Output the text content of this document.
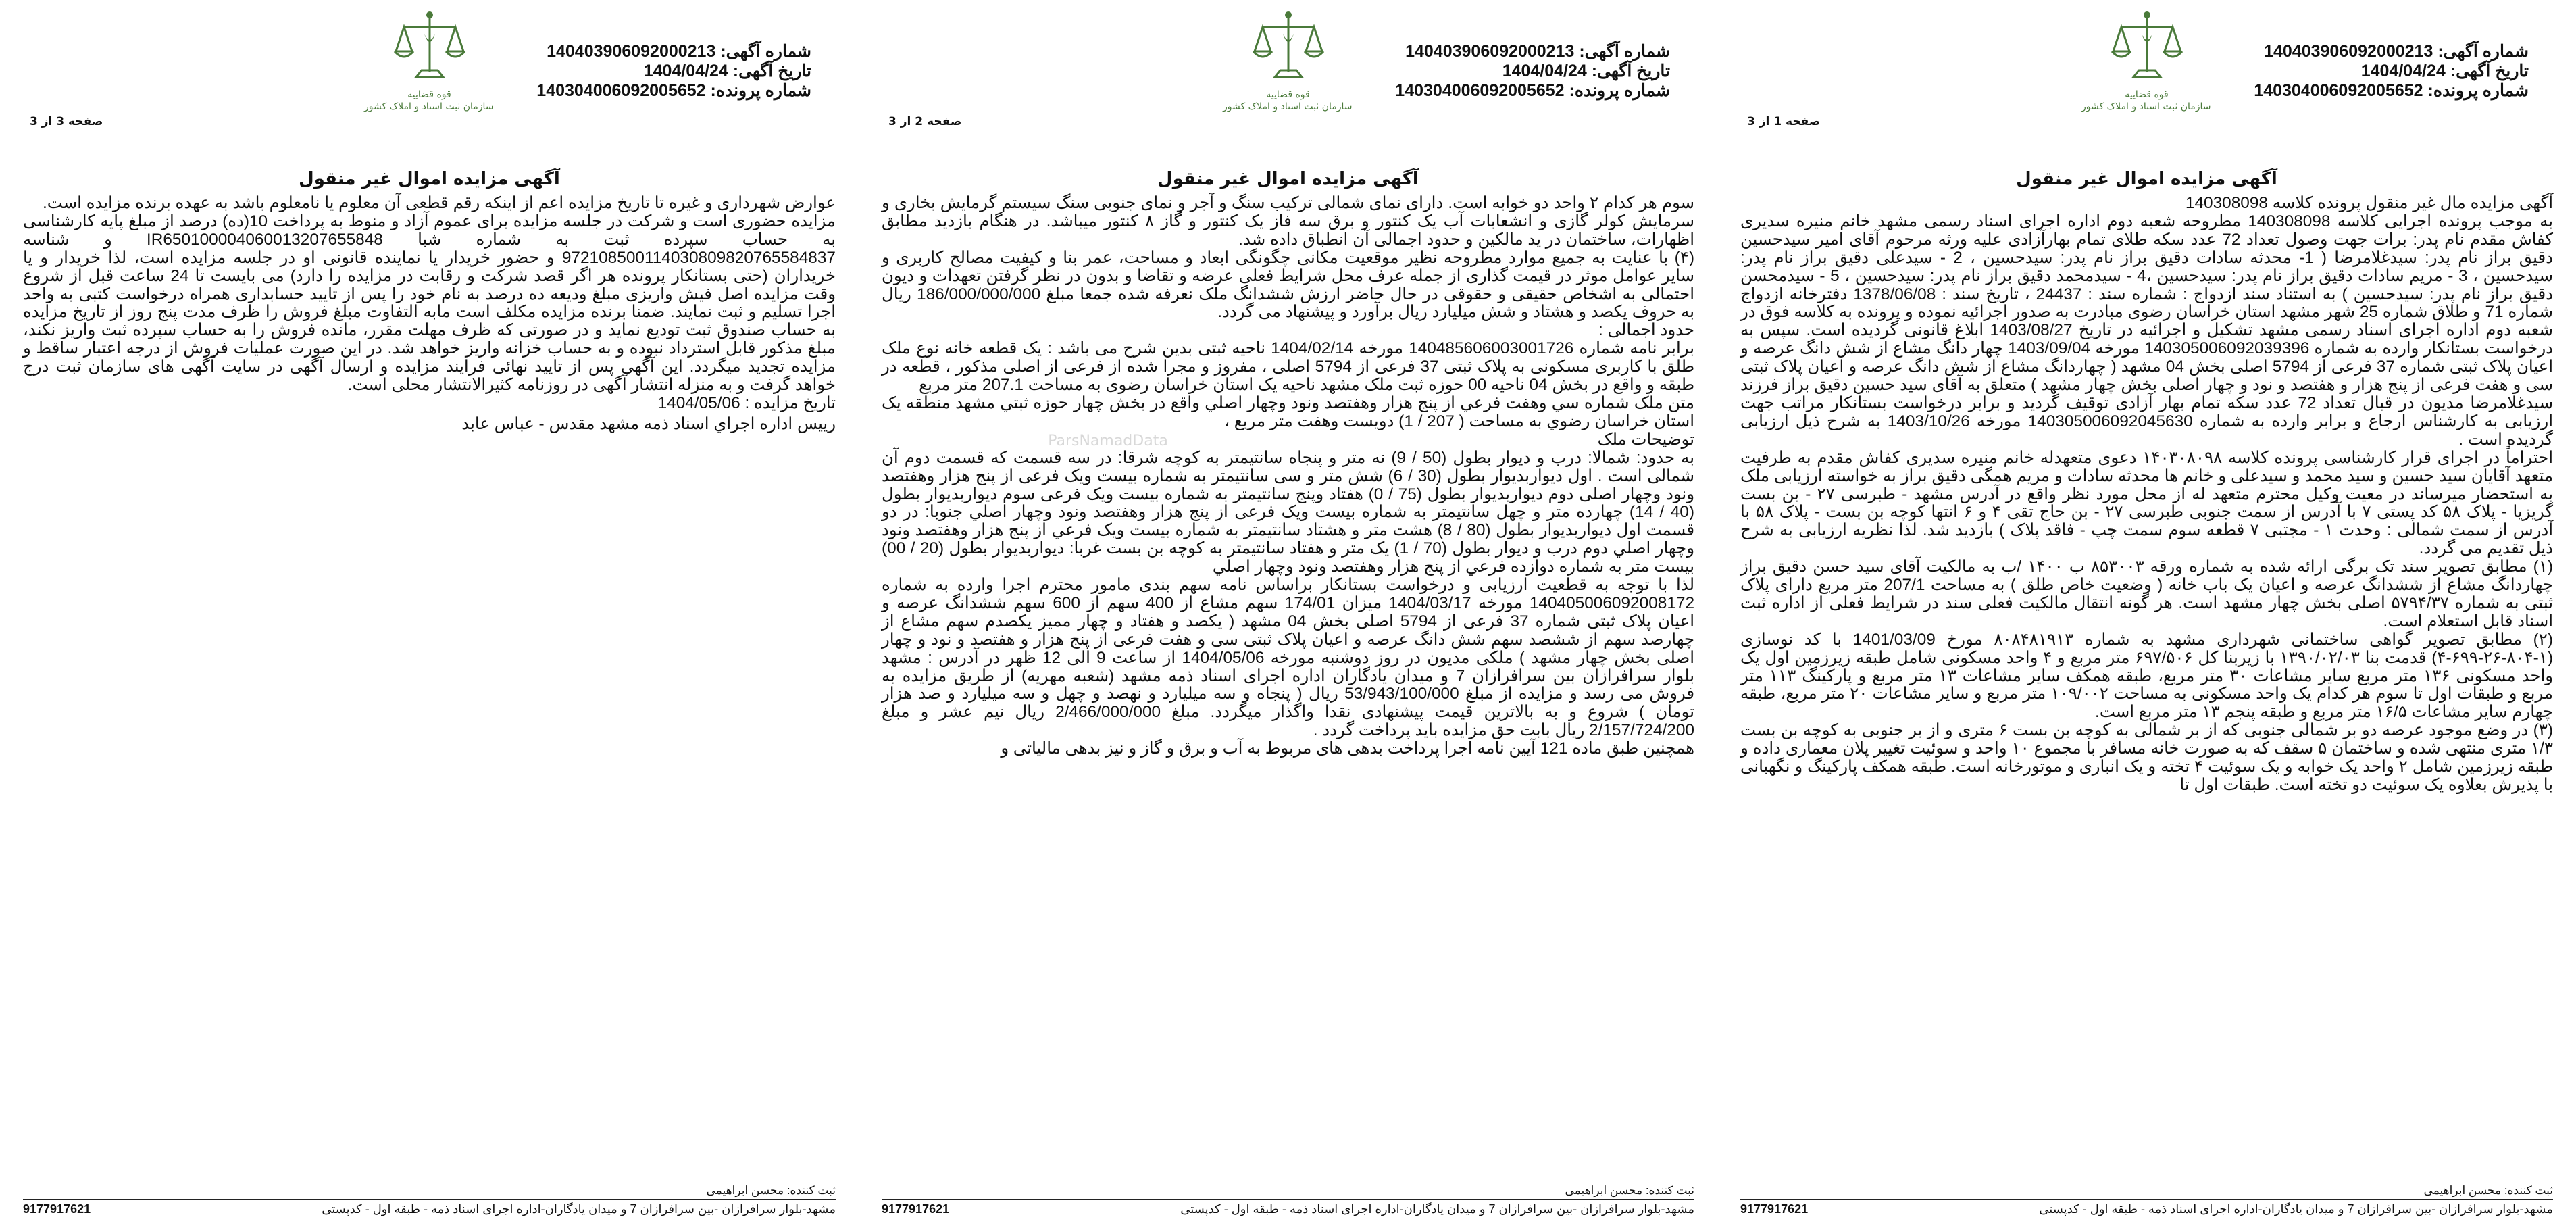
ParsNamadData
شماره آگهی: 140403906092000213
تاریخ آگهی: 1404/04/24
شماره پرونده: 140304006092005652
قوه قضاییه
سازمان ثبت اسناد و املاک کشور
صفحه 1 از 3
آگهی مزایده اموال غیر منقول

آگهی مزایده مال غیر منقول پرونده کلاسه 140308098

به موجب پرونده اجرایی کلاسه 140308098 مطروحه شعبه دوم اداره اجرای اسناد رسمی مشهد خانم منیره سدیری کفاش مقدم نام پدر: برات جهت وصول تعداد 72 عدد سکه طلای تمام بهارآزادی علیه ورثه مرحوم آقای امیر سیدحسین دقیق براز نام پدر: سیدغلامرضا ( 1- محدثه سادات دقیق براز نام پدر: سیدحسین ، 2 - سیدعلی دقیق براز نام پدر: سیدحسین ، 3 - مریم سادات دقیق براز نام پدر: سیدحسین ،4 - سیدمحمد دقیق براز نام پدر: سیدحسین ، 5 - سیدمحسن دقیق براز نام پدر: سیدحسین ) به استناد سند ازدواج : شماره سند : 24437 ، تاریخ سند : 1378/06/08 دفترخانه ازدواج شماره 71 و طلاق شماره 25 شهر مشهد استان خراسان رضوی مبادرت به صدور اجرائیه نموده و پرونده به کلاسه فوق در شعبه دوم اداره اجرای اسناد رسمی مشهد تشکیل و اجرائیه در تاریخ 1403/08/27 ابلاغ قانونی گردیده است. سپس به درخواست بستانکار وارده به شماره 140305006092039396 مورخه 1403/09/04 چهار دانگ مشاع از شش دانگ عرصه و اعیان پلاک ثبتی شماره 37 فرعی از 5794 اصلی بخش 04 مشهد ( چهاردانگ مشاع از شش دانگ عرصه و اعیان پلاک ثبتی سی و هفت فرعی از پنج هزار و هفتصد و نود و چهار اصلی بخش چهار مشهد ) متعلق به آقای سید حسین دقیق براز فرزند سیدغلامرضا مدیون در قبال تعداد 72 عدد سکه تمام بهار آزادی توقیف گردید و برابر درخواست بستانکار مراتب جهت ارزیابی به کارشناس ارجاع و برابر وارده به شماره 140305006092045630 مورخه 1403/10/26 به شرح ذیل ارزیابی گردیده است .

احتراماً در اجرای قرار کارشناسی پرونده کلاسه ۱۴۰۳۰۸۰۹۸ دعوی متعهدله خانم منیره سدیری کفاش مقدم به طرفیت متعهد آقایان سید حسین و سید محمد و سیدعلی و خانم ها محدثه سادات و مریم همگی دقیق براز به خواسته ارزیابی ملک به استحضار میرساند در معیت وکیل محترم متعهد له از محل مورد نظر واقع در آدرس مشهد - طبرسی ۲۷ - بن بست گریزیا - پلاک ۵۸ کد پستی ۷ با آدرس از سمت جنوبی طبرسی ۲۷ - بن حاج تقی ۴ و ۶ انتها کوچه بن بست - پلاک ۵۸ با آدرس از سمت شمالی : وحدت ۱ - مجتبی ۷ قطعه سوم سمت چپ - فاقد پلاک ) بازدید شد. لذا نظریه ارزیابی به شرح ذیل تقدیم می گردد.

(۱) مطابق تصویر سند تک برگی ارائه شده به شماره ورقه ۸۵۳۰۰۳ ب ۱۴۰۰ /ب به مالکیت آقای سید حسن دقیق براز چهاردانگ مشاع از ششدانگ عرصه و اعیان یک باب خانه ( وضعیت خاص طلق ) به مساحت 207/1 متر مربع دارای پلاک ثبتی به شماره ۵۷۹۴/۳۷ اصلی بخش چهار مشهد است. هر گونه انتقال مالکیت فعلی سند در شرایط فعلی از اداره ثبت اسناد قابل استعلام است.

(۲) مطابق تصویر گواهی ساختمانی شهرداری مشهد به شماره ۸۰۸۴۸۱۹۱۳ مورخ 1401/03/09 با کد نوسازی (۱-۸۰۴-۲۶-۶۹۹-۴) قدمت بنا ۱۳۹۰/۰۲/۰۳ با زیربنا کل ۶۹۷/۵۰۶ متر مربع و ۴ واحد مسکونی شامل طبقه زیرزمین اول یک واحد مسکونی ۱۳۶ متر مربع سایر مشاعات ۳۰ متر مربع، طبقه همکف سایر مشاعات ۱۳ متر مربع و پارکینگ ۱۱۳ متر مربع و طبقات اول تا سوم هر کدام یک واحد مسکونی به مساحت ۱۰۹/۰۰۲ متر مربع و سایر مشاعات ۲۰ متر مربع، طبقه چهارم سایر مشاعات ۱۶/۵ متر مربع و طبقه پنجم ۱۳ متر مربع است.

(۳) در وضع موجود عرصه دو بر شمالی جنوبی که از بر شمالی به کوچه بن بست ۶ متری و از بر جنوبی به کوچه بن بست ۱/۳ متری منتهی شده و ساختمان ۵ سقف که به صورت خانه مسافر با مجموع ۱۰ واحد و سوئیت تغییر پلان معماری داده و طبقه زیرزمین شامل ۲ واحد یک خوابه و یک سوئیت ۴ تخته و یک انباری و موتورخانه است. طبقه همکف پارکینگ و نگهبانی با پذیرش بعلاوه یک سوئیت دو تخته است. طبقات اول تا

ثبت کننده: محسن ابراهیمی
مشهد-بلوار سرافرازان -بین سرافرازان 7 و میدان یادگاران-اداره اجرای اسناد ذمه - طبقه اول - کدپستی
9177917621
شماره آگهی: 140403906092000213
تاریخ آگهی: 1404/04/24
شماره پرونده: 140304006092005652
قوه قضاییه
سازمان ثبت اسناد و املاک کشور
صفحه 2 از 3
آگهی مزایده اموال غیر منقول

سوم هر کدام ۲ واحد دو خوابه است. دارای نمای شمالی ترکیب سنگ و آجر و نمای جنوبی سنگ سیستم گرمایش بخاری و سرمایش کولر گازی و انشعابات آب یک کنتور و برق سه فاز یک کنتور و گاز ۸ کنتور میباشد. در هنگام بازدید مطابق اظهارات، ساختمان در ید مالکین و حدود اجمالی آن انطباق داده شد.

(۴) با عنایت به جمیع موارد مطروحه نظیر موقعیت مکانی چگونگی ابعاد و مساحت، عمر بنا و کیفیت مصالح کاربری و سایر عوامل موثر در قیمت گذاری از جمله عرف محل شرایط فعلی عرضه و تقاضا و بدون در نظر گرفتن تعهدات و دیون احتمالی به اشخاص حقیقی و حقوقی در حال حاضر ارزش ششدانگ ملک نعرفه شده جمعا مبلغ 186/000/000/000 ریال به حروف یکصد و هشتاد و شش میلیارد ریال برآورد و پیشنهاد می گردد.

حدود اجمالی :

برابر نامه شماره 140485606003001726 مورخه 1404/02/14 ناحیه ثبتی بدین شرح می باشد : یک قطعه خانه نوع ملک طلق با کاربری مسکونی به پلاک ثبتی 37 فرعی از 5794 اصلی ، مفروز و مجرا شده از فرعی از اصلی مذکور ، قطعه در طبقه و واقع در بخش 04 ناحیه 00 حوزه ثبت ملک مشهد ناحیه یک استان خراسان رضوی به مساحت 207.1 متر مربع

متن ملک شماره سي وهفت فرعي از پنج هزار وهفتصد ونود وچهار اصلي واقع در بخش چهار حوزه ثبتي مشهد منطقه يک استان خراسان رضوي به مساحت ( 207 / 1) دويست وهفت متر مربع ،

توضیحات ملک

به حدود: شمالا: درب و دیوار بطول (50 / 9) نه متر و پنجاه سانتیمتر به کوچه شرقا: در سه قسمت که قسمت دوم آن شمالی است . اول دیواربدیوار بطول (30 / 6) شش متر و سی سانتیمتر به شماره بیست ویک فرعی از پنج هزار وهفتصد ونود وچهار اصلی دوم دیواربدیوار بطول (75 / 0) هفتاد وپنج سانتیمتر به شماره بیست ویک فرعی سوم دیواربدیوار بطول (40 / 14) چهارده متر و چهل سانتیمتر به شماره بیست ویک فرعی از پنج هزار وهفتصد ونود وچهار اصلي جنوبا: در دو قسمت اول دیواربدیوار بطول (80 / 8) هشت متر و هشتاد سانتیمتر به شماره بیست ویک فرعي از پنج هزار وهفتصد ونود وچهار اصلي دوم درب و دیوار بطول (70 / 1) یک متر و هفتاد سانتیمتر به کوچه بن بست غربا: دیواربدیوار بطول (20 / 00) بیست متر به شماره دوازده فرعي از پنج هزار وهفتصد ونود وچهار اصلي

لذا با توجه به قطعیت ارزیابی و درخواست بستانکار براساس نامه سهم بندی مامور محترم اجرا وارده به شماره 140405006092008172 مورخه 1404/03/17 میزان 174/01 سهم مشاع از 400 سهم از 600 سهم ششدانگ عرصه و اعیان پلاک ثبتی شماره 37 فرعی از 5794 اصلی بخش 04 مشهد ( یکصد و هفتاد و چهار ممیز یکصدم سهم مشاع از چهارصد سهم از ششصد سهم شش دانگ عرصه و اعیان پلاک ثبتی سی و هفت فرعی از پنج هزار و هفتصد و نود و چهار اصلی بخش چهار مشهد ) ملکی مدیون در روز دوشنبه مورخه 1404/05/06 از ساعت 9 الی 12 ظهر در آدرس : مشهد بلوار سرافرازان بین سرافرازان 7 و میدان یادگاران اداره اجرای اسناد ذمه مشهد (شعبه مهریه) از طریق مزایده به فروش می رسد و مزایده از مبلغ 53/943/100/000 ریال ( پنجاه و سه میلیارد و نهصد و چهل و سه میلیارد و صد هزار تومان ) شروع و به بالاترین قیمت پیشنهادی نقدا واگذار میگردد. مبلغ 2/466/000/000 ریال نیم عشر و مبلغ 2/157/724/200 ریال بابت حق مزایده باید پرداخت گردد .

همچنین طبق ماده 121 آیین نامه اجرا پرداخت بدهی های مربوط به آب و برق و گاز و نیز بدهی مالیاتی و

ثبت کننده: محسن ابراهیمی
مشهد-بلوار سرافرازان -بین سرافرازان 7 و میدان یادگاران-اداره اجرای اسناد ذمه - طبقه اول - کدپستی
9177917621
شماره آگهی: 140403906092000213
تاریخ آگهی: 1404/04/24
شماره پرونده: 140304006092005652
قوه قضاییه
سازمان ثبت اسناد و املاک کشور
صفحه 3 از 3
آگهی مزایده اموال غیر منقول

عوارض شهرداری و غیره تا تاریخ مزایده اعم از اینکه رقم قطعی آن معلوم یا نامعلوم باشد به عهده برنده مزایده است.

مزایده حضوری است و شرکت در جلسه مزایده برای عموم آزاد و منوط به پرداخت 10(ده) درصد از مبلغ پایه کارشناسی به حساب سپرده ثبت به شماره شبا IR650100004060013207655848 و شناسه 972108500114030809820765584837 و حضور خریدار یا نماینده قانونی او در جلسه مزایده است، لذا خریدار و یا خریداران (حتی بستانکار پرونده هر اگر قصد شرکت و رقابت در مزایده را دارد) می بایست تا 24 ساعت قبل از شروع وقت مزایده اصل فیش واریزی مبلغ ودیعه ده درصد به نام خود را پس از تایید حسابداری همراه درخواست کتبی به واحد اجرا تسلیم و ثبت نمایند. ضمنا برنده مزایده مکلف است مابه التفاوت مبلغ فروش را ظرف مدت پنج روز از تاریخ مزایده به حساب صندوق ثبت تودیع نماید و در صورتی که ظرف مهلت مقرر، مانده فروش را به حساب سپرده ثبت واریز نکند، مبلغ مذکور قابل استرداد نبوده و به حساب خزانه واریز خواهد شد. در این صورت عملیات فروش از درجه اعتبار ساقط و مزایده تجدید میگردد. این آگهی پس از تایید نهائی فرایند مزایده و ارسال آگهی در سایت آگهی های سازمان ثبت درج خواهد گرفت و به منزله انتشار آگهی در روزنامه کثیرالانتشار محلی است.

تاریخ مزایده : 1404/05/06

رییس اداره اجراي اسناد ذمه مشهد مقدس - عباس عابد

ثبت کننده: محسن ابراهیمی
مشهد-بلوار سرافرازان -بین سرافرازان 7 و میدان یادگاران-اداره اجرای اسناد ذمه - طبقه اول - کدپستی
9177917621
